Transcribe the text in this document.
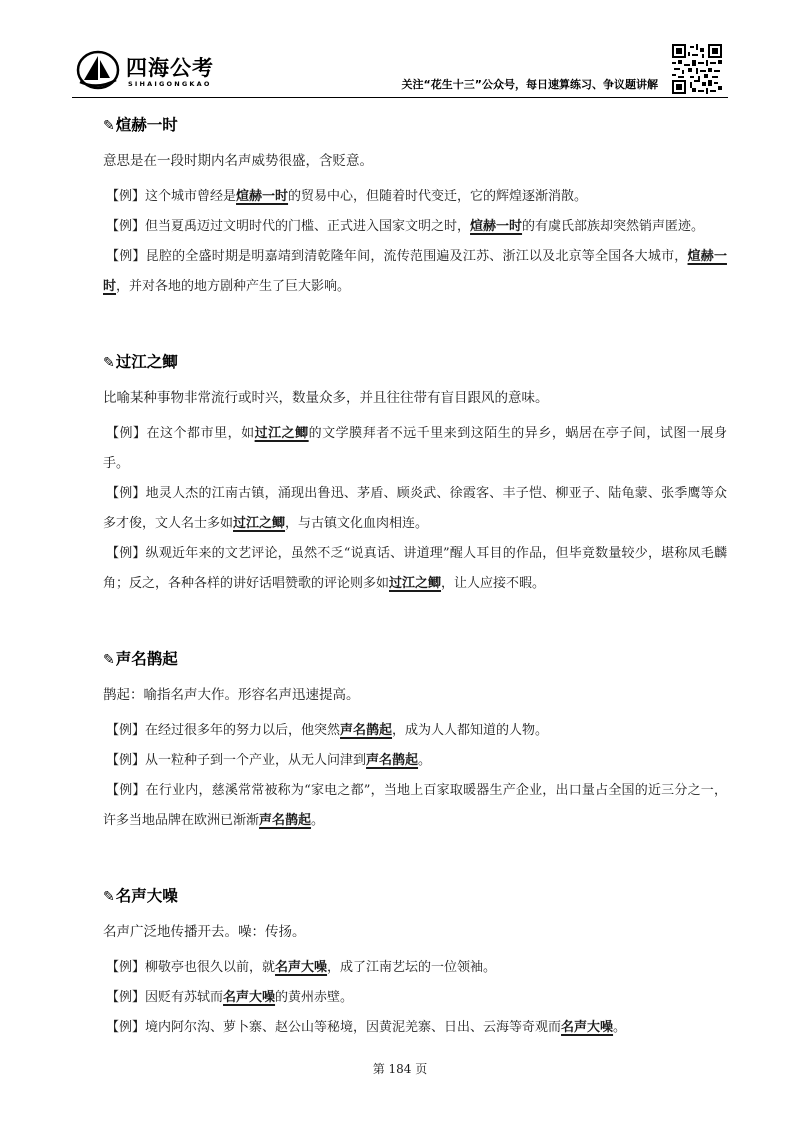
四海公考
SIHAIGONGKAO	关注“花生十三”公众号，每日速算练习、争议题讲解
✎煊赫一时
意思是在一段时期内名声威势很盛，含贬意。
【例】这个城市曾经是煊赫一时的贸易中心，但随着时代变迁，它的辉煌逐渐消散。
【例】但当夏禹迈过文明时代的门槛、正式进入国家文明之时，煊赫一时的有虞氏部族却突然销声匿迹。
【例】昆腔的全盛时期是明嘉靖到清乾隆年间，流传范围遍及江苏、浙江以及北京等全国各大城市，煊赫一时，并对各地的地方剧种产生了巨大影响。
✎过江之鲫
比喻某种事物非常流行或时兴，数量众多，并且往往带有盲目跟风的意味。
【例】在这个都市里，如过江之鲫的文学膜拜者不远千里来到这陌生的异乡，蜗居在亭子间，试图一展身手。
【例】地灵人杰的江南古镇，涌现出鲁迅、茅盾、顾炎武、徐霞客、丰子恺、柳亚子、陆龟蒙、张季鹰等众多才俊，文人名士多如过江之鲫，与古镇文化血肉相连。
【例】纵观近年来的文艺评论，虽然不乏“说真话、讲道理”醒人耳目的作品，但毕竟数量较少，堪称凤毛麟角；反之，各种各样的讲好话唱赞歌的评论则多如过江之鲫，让人应接不暇。
✎声名鹊起
鹊起：喻指名声大作。形容名声迅速提高。
【例】在经过很多年的努力以后，他突然声名鹊起，成为人人都知道的人物。
【例】从一粒种子到一个产业，从无人问津到声名鹊起。
【例】在行业内，慈溪常常被称为“家电之都”，当地上百家取暖器生产企业，出口量占全国的近三分之一，许多当地品牌在欧洲已渐渐声名鹊起。
✎名声大噪
名声广泛地传播开去。噪：传扬。
【例】柳敬亭也很久以前，就名声大噪，成了江南艺坛的一位领袖。
【例】因贬有苏轼而名声大噪的黄州赤壁。
【例】境内阿尔沟、萝卜寨、赵公山等秘境，因黄泥羌寨、日出、云海等奇观而名声大噪。
第 184 页
